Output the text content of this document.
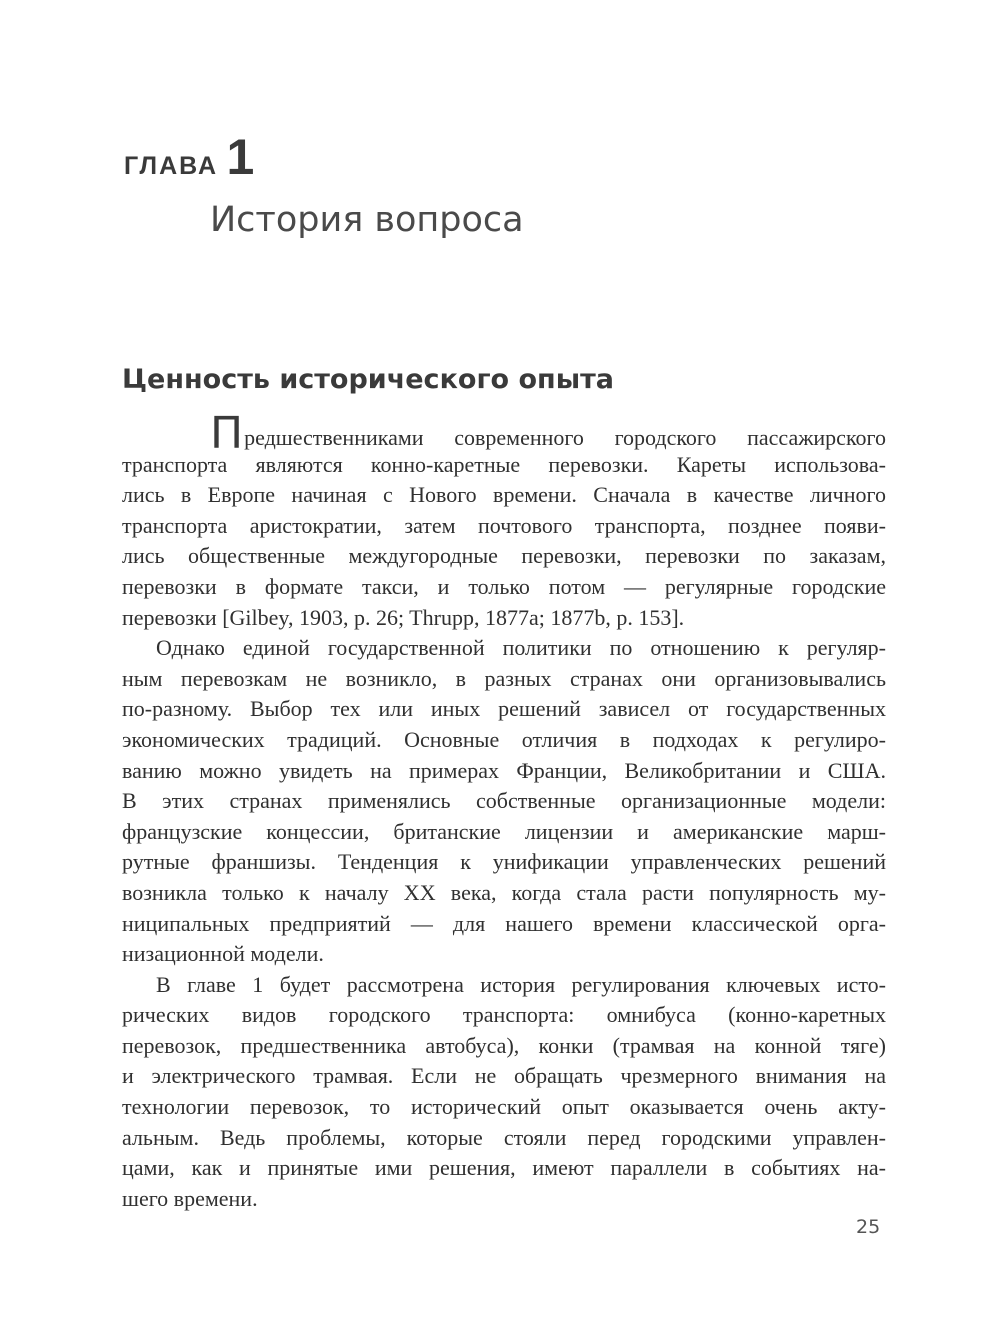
ГЛАВА 1
История вопроса
Ценность исторического опыта
Предшественниками современного городского пассажирского
транспорта являются конно-каретные перевозки. Кареты использова-
лись в Европе начиная с Нового времени. Сначала в качестве личного
транспорта аристократии, затем почтового транспорта, позднее появи-
лись общественные междугородные перевозки, перевозки по заказам,
перевозки в формате такси, и только потом — регулярные городские
перевозки [Gilbey, 1903, p. 26; Thrupp, 1877a; 1877b, p. 153].
Однако единой государственной политики по отношению к регуляр-
ным перевозкам не возникло, в разных странах они организовывались
по-разному. Выбор тех или иных решений зависел от государственных
экономических традиций. Основные отличия в подходах к регулиро-
ванию можно увидеть на примерах Франции, Великобритании и США.
В этих странах применялись собственные организационные модели:
французские концессии, британские лицензии и американские марш-
рутные франшизы. Тенденция к унификации управленческих решений
возникла только к началу XX века, когда стала расти популярность му-
ниципальных предприятий — для нашего времени классической орга-
низационной модели.
В главе 1 будет рассмотрена история регулирования ключевых исто-
рических видов городского транспорта: омнибуса (конно-каретных
перевозок, предшественника автобуса), конки (трамвая на конной тяге)
и электрического трамвая. Если не обращать чрезмерного внимания на
технологии перевозок, то исторический опыт оказывается очень акту-
альным. Ведь проблемы, которые стояли перед городскими управлен-
цами, как и принятые ими решения, имеют параллели в событиях на-
шего времени.
25
